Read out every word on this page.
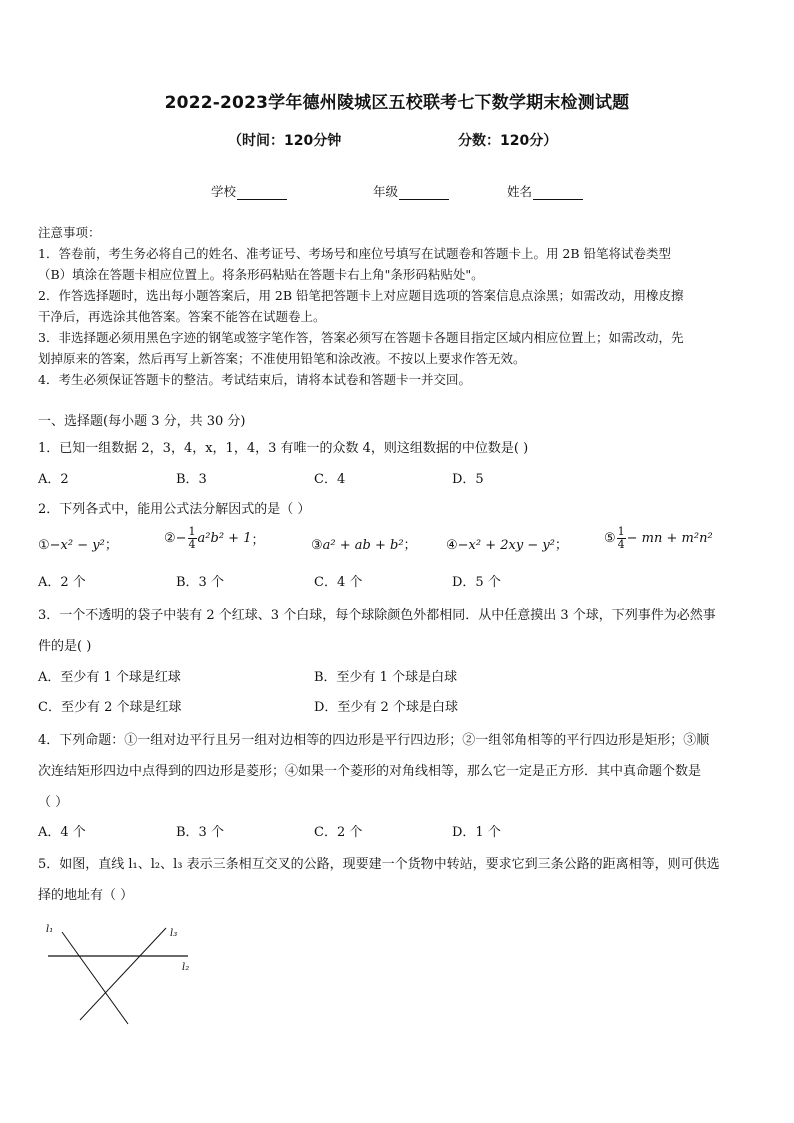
2022-2023学年德州陵城区五校联考七下数学期末检测试题
（时间：120分钟	分数：120分）
学校	年级	姓名
注意事项：
1．答卷前，考生务必将自己的姓名、准考证号、考场号和座位号填写在试题卷和答题卡上。用 2B 铅笔将试卷类型
（B）填涂在答题卡相应位置上。将条形码粘贴在答题卡右上角"条形码粘贴处"。
2．作答选择题时，选出每小题答案后，用 2B 铅笔把答题卡上对应题目选项的答案信息点涂黑；如需改动，用橡皮擦
干净后，再选涂其他答案。答案不能答在试题卷上。
3．非选择题必须用黑色字迹的钢笔或签字笔作答，答案必须写在答题卡各题目指定区域内相应位置上；如需改动，先
划掉原来的答案，然后再写上新答案；不准使用铅笔和涂改液。不按以上要求作答无效。
4．考生必须保证答题卡的整洁。考试结束后，请将本试卷和答题卡一并交回。
一、选择题(每小题 3 分，共 30 分)
1．已知一组数据 2，3，4，x，1，4，3 有唯一的众数 4，则这组数据的中位数是( )
A．2	B．3	C．4	D．5
2．下列各式中，能用公式法分解因式的是（ ）
①−x² − y²；	②− $\frac{1}{4} a^2b^2 + 1$；	③a² + ab + b²； ④−x² + 2xy − y²；	⑤ $\frac{1}{4}$ − mn + m²n²
A．2 个	B．3 个	C．4 个	D．5 个
3．一个不透明的袋子中装有 2 个红球、3 个白球，每个球除颜色外都相同．从中任意摸出 3 个球，下列事件为必然事
件的是( )
A．至少有 1 个球是红球	B．至少有 1 个球是白球
C．至少有 2 个球是红球	D．至少有 2 个球是白球
4．下列命题：①一组对边平行且另一组对边相等的四边形是平行四边形；②一组邻角相等的平行四边形是矩形；③顺
次连结矩形四边中点得到的四边形是菱形；④如果一个菱形的对角线相等，那么它一定是正方形．其中真命题个数是
（ ）
A．4 个	B．3 个	C．2 个	D．1 个
5．如图，直线 l₁、l₂、l₃ 表示三条相互交叉的公路，现要建一个货物中转站，要求它到三条公路的距离相等，则可供选
择的地址有（ ）
l₁	l₃
l₂
